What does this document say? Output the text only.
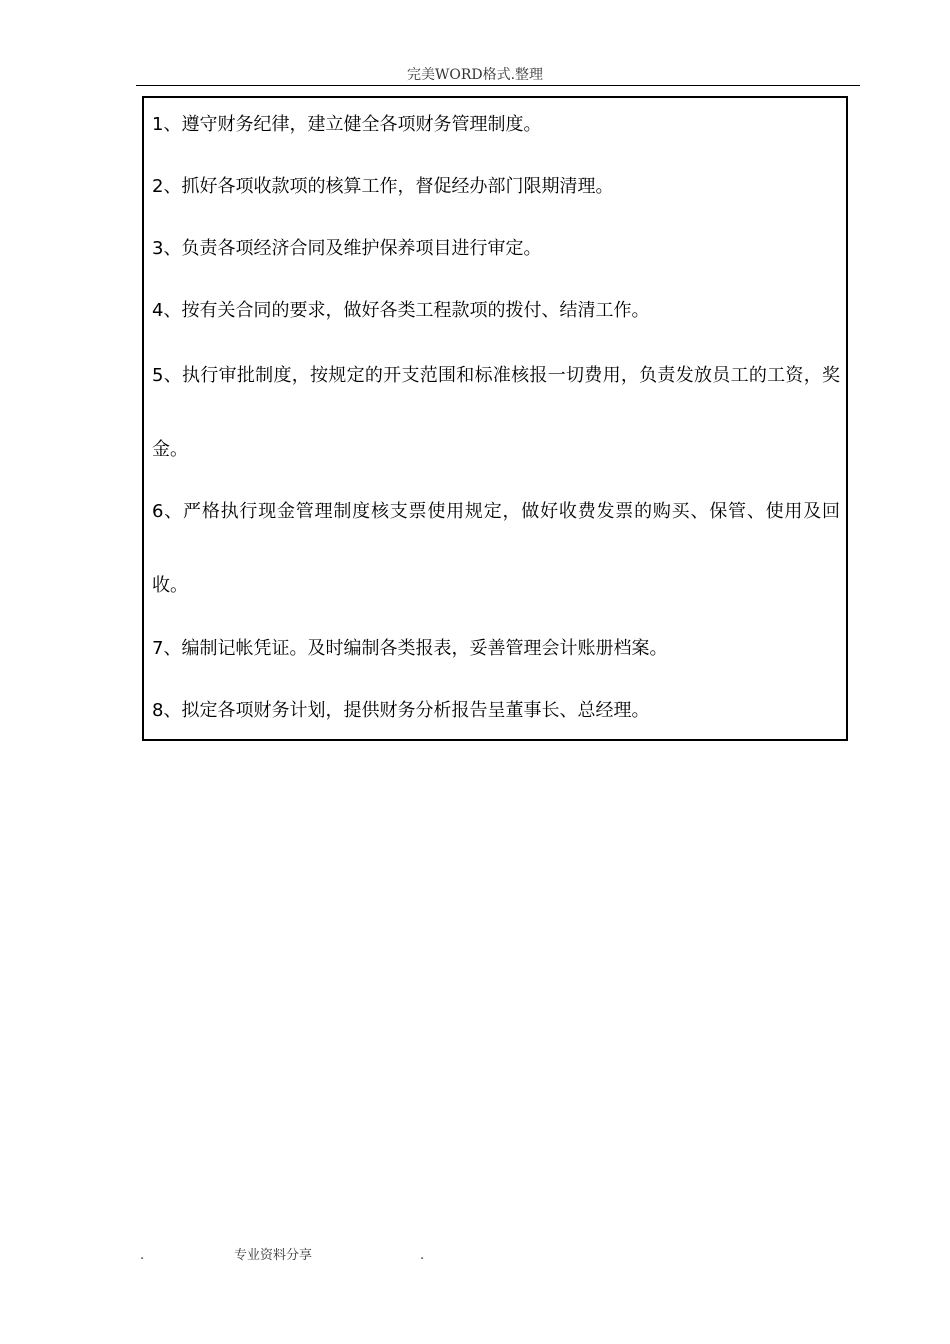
完美WORD格式.整理
1、遵守财务纪律，建立健全各项财务管理制度。
2、抓好各项收款项的核算工作，督促经办部门限期清理。
3、负责各项经济合同及维护保养项目进行审定。
4、按有关合同的要求，做好各类工程款项的拨付、结清工作。
5、执行审批制度，按规定的开支范围和标准核报一切费用，负责发放员工的工资，奖金。
6、严格执行现金管理制度核支票使用规定，做好收费发票的购买、保管、使用及回收。
7、编制记帐凭证。及时编制各类报表，妥善管理会计账册档案。
8、拟定各项财务计划，提供财务分析报告呈董事长、总经理。
.	专业资料分享	.
